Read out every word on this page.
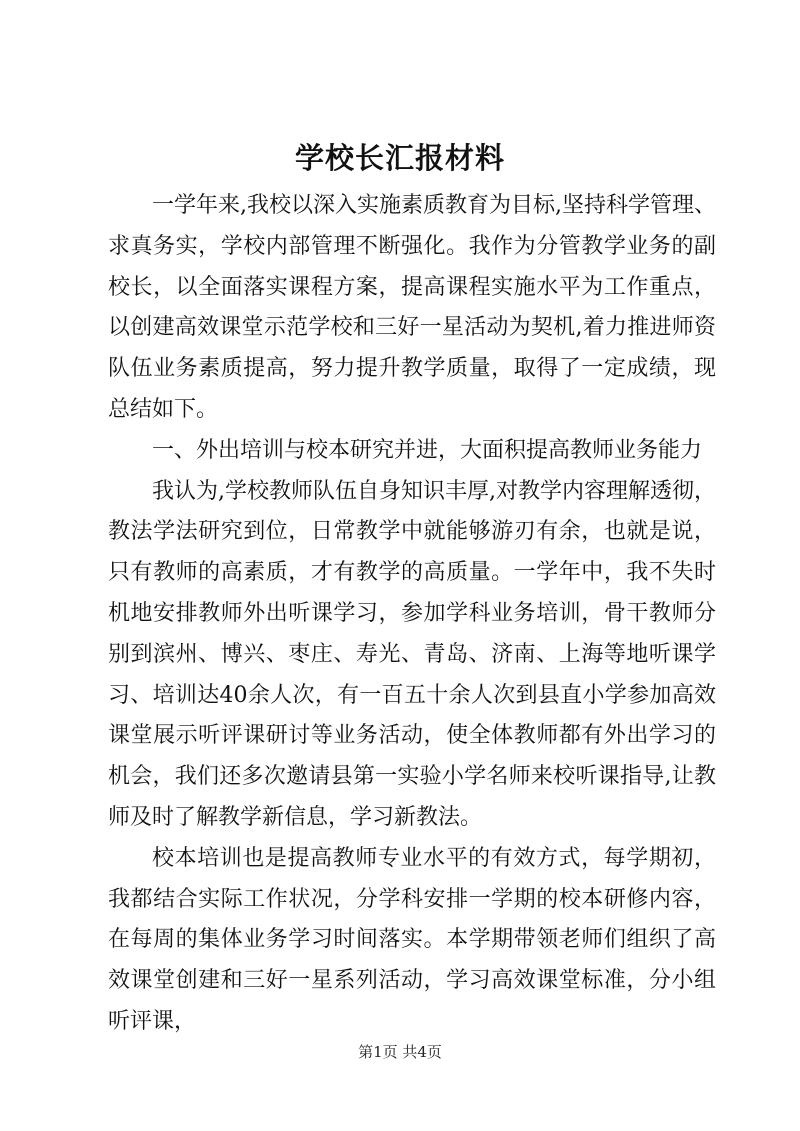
学校长汇报材料

一学年来,我校以深入实施素质教育为目标,坚持科学管理、求真务实，学校内部管理不断强化。我作为分管教学业务的副校长，以全面落实课程方案，提高课程实施水平为工作重点，以创建高效课堂示范学校和三好一星活动为契机,着力推进师资队伍业务素质提高，努力提升教学质量，取得了一定成绩，现总结如下。

一、外出培训与校本研究并进，大面积提高教师业务能力

我认为,学校教师队伍自身知识丰厚,对教学内容理解透彻，教法学法研究到位，日常教学中就能够游刃有余，也就是说，只有教师的高素质，才有教学的高质量。一学年中，我不失时机地安排教师外出听课学习，参加学科业务培训，骨干教师分别到滨州、博兴、枣庄、寿光、青岛、济南、上海等地听课学习、培训达40余人次，有一百五十余人次到县直小学参加高效课堂展示听评课研讨等业务活动，使全体教师都有外出学习的机会，我们还多次邀请县第一实验小学名师来校听课指导,让教师及时了解教学新信息，学习新教法。

校本培训也是提高教师专业水平的有效方式，每学期初，我都结合实际工作状况，分学科安排一学期的校本研修内容，在每周的集体业务学习时间落实。本学期带领老师们组织了高效课堂创建和三好一星系列活动，学习高效课堂标准，分小组听评课，

第1页 共4页
